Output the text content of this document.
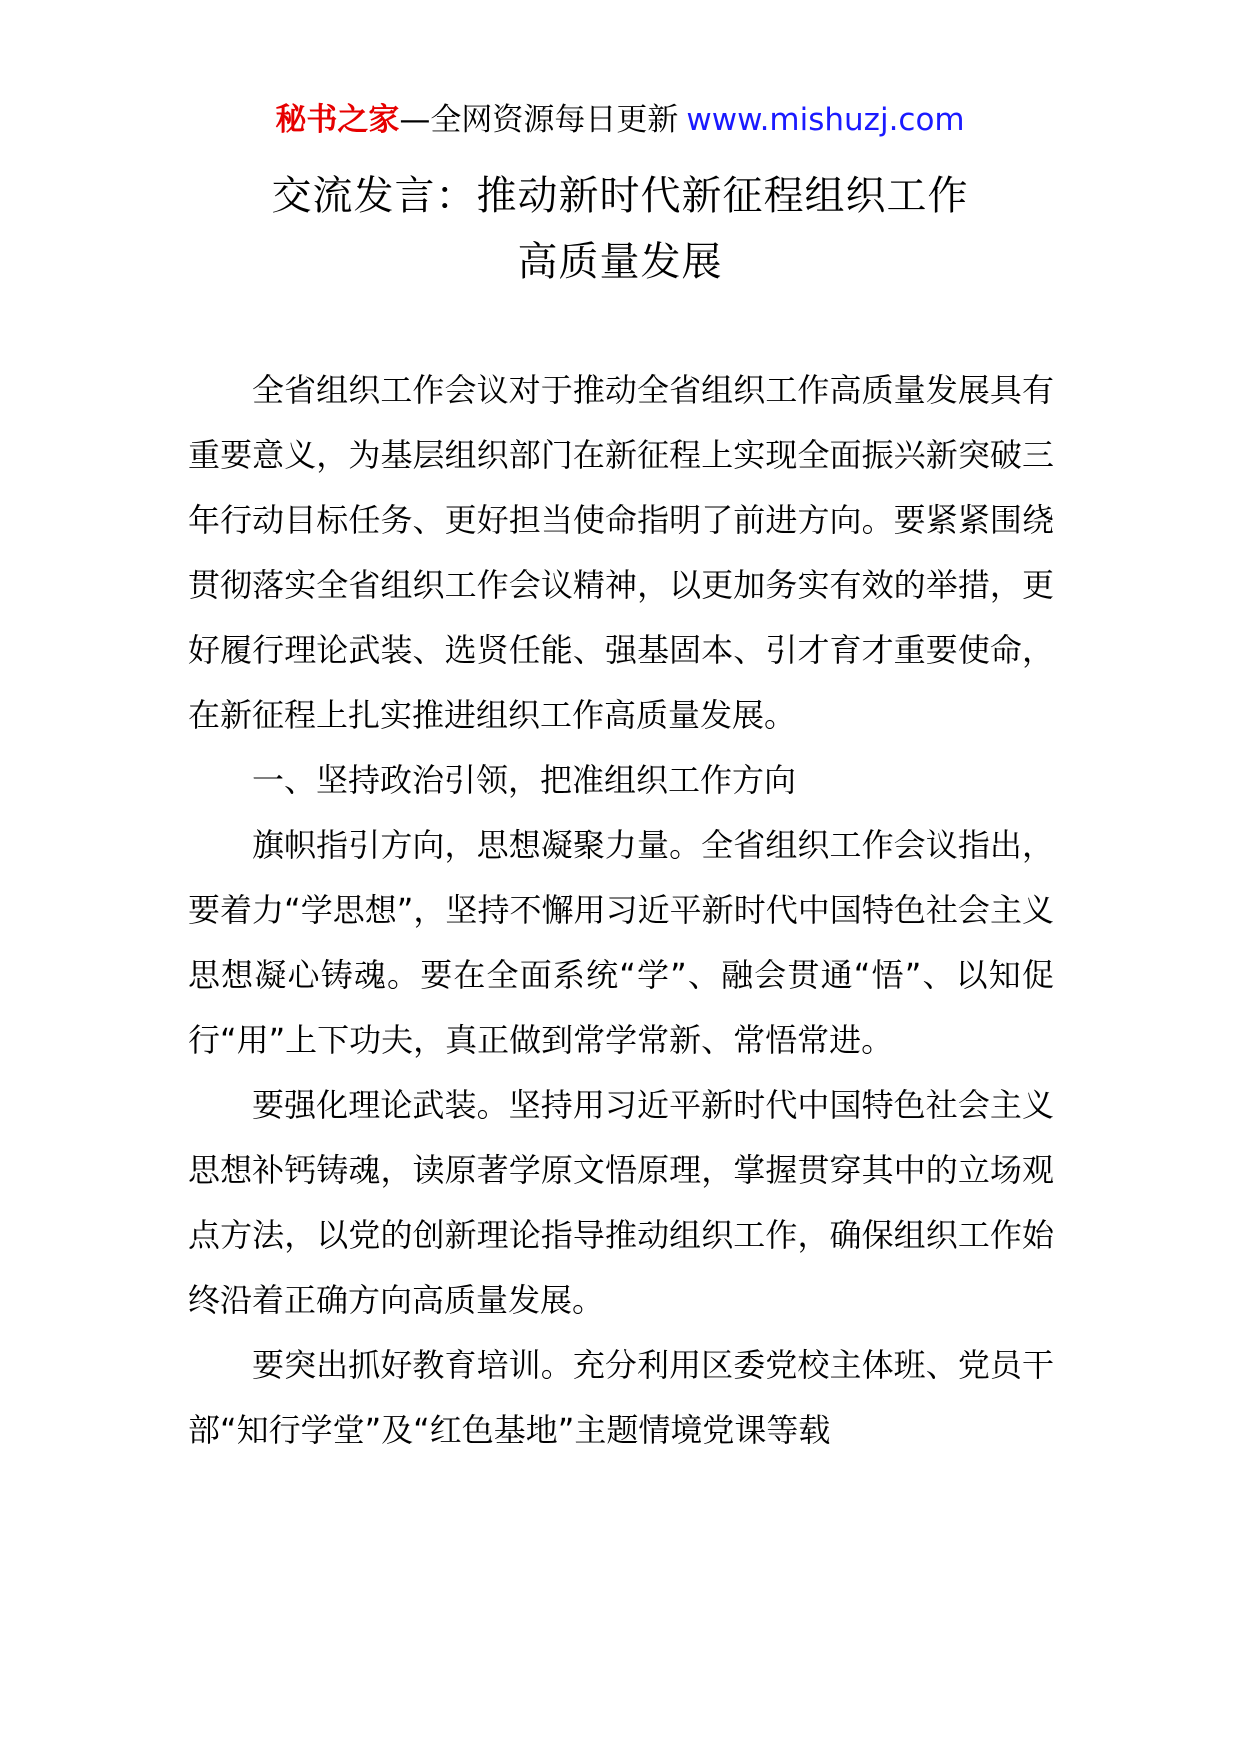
秘书之家—全网资源每日更新 www.mishuzj.com
交流发言：推动新时代新征程组织工作
高质量发展

全省组织工作会议对于推动全省组织工作高质量发展具有重要意义，为基层组织部门在新征程上实现全面振兴新突破三年行动目标任务、更好担当使命指明了前进方向。要紧紧围绕贯彻落实全省组织工作会议精神，以更加务实有效的举措，更好履行理论武装、选贤任能、强基固本、引才育才重要使命，在新征程上扎实推进组织工作高质量发展。

一、坚持政治引领，把准组织工作方向

旗帜指引方向，思想凝聚力量。全省组织工作会议指出，要着力“学思想”，坚持不懈用习近平新时代中国特色社会主义思想凝心铸魂。要在全面系统“学”、融会贯通“悟”、以知促行“用”上下功夫，真正做到常学常新、常悟常进。

要强化理论武装。坚持用习近平新时代中国特色社会主义思想补钙铸魂，读原著学原文悟原理，掌握贯穿其中的立场观点方法，以党的创新理论指导推动组织工作，确保组织工作始终沿着正确方向高质量发展。

要突出抓好教育培训。充分利用区委党校主体班、党员干部“知行学堂”及“红色基地”主题情境党课等载
